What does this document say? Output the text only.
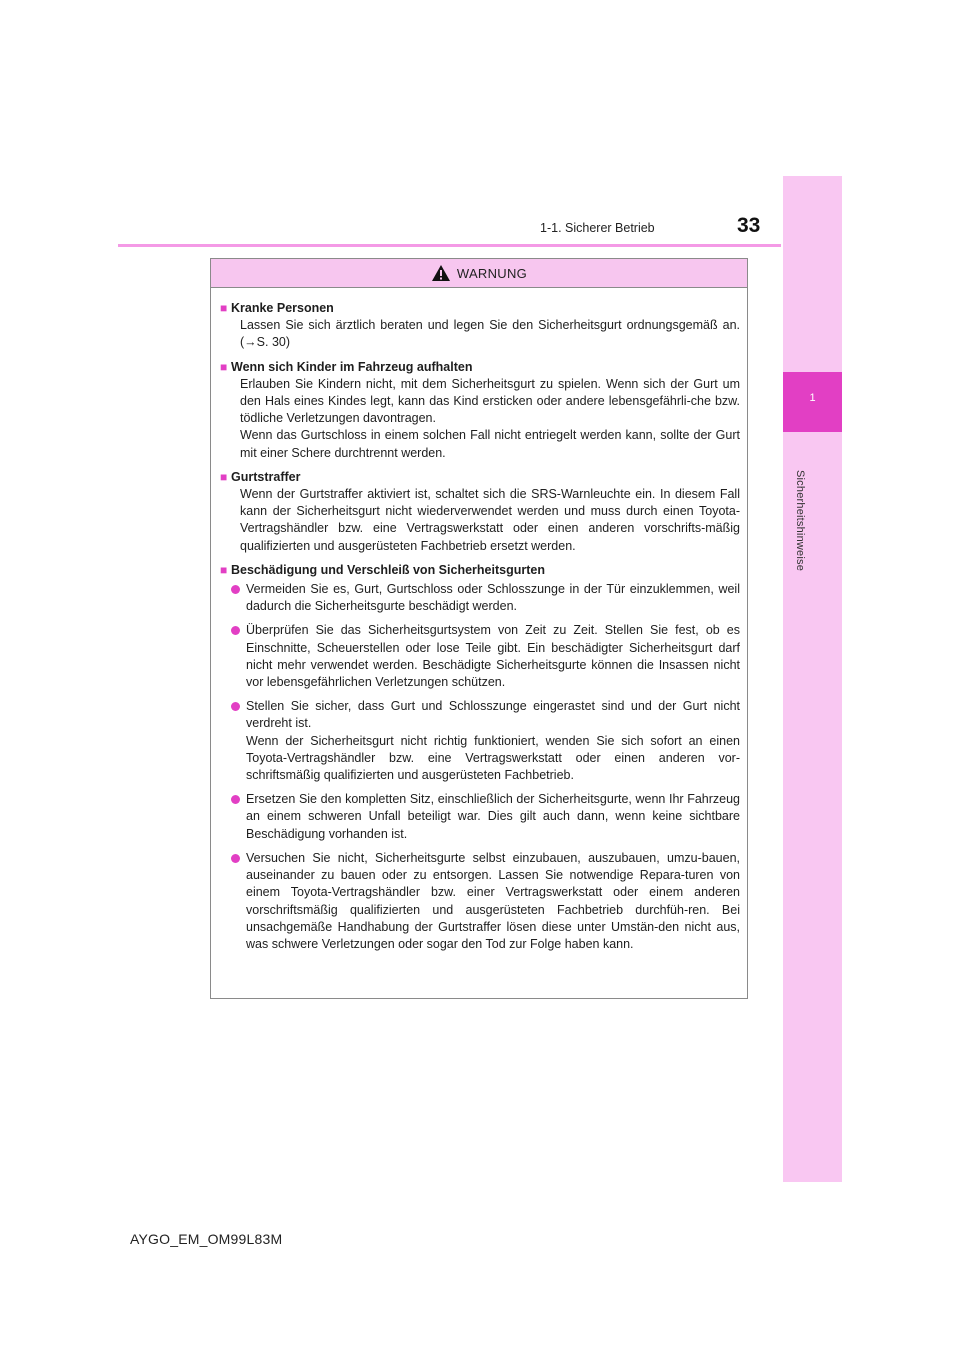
1
Sicherheitshinweise
1-1. Sicherer Betrieb	33
WARNUNG
■ Kranke Personen

Lassen Sie sich ärztlich beraten und legen Sie den Sicherheitsgurt ordnungsgemäß an. (→S. 30)

■ Wenn sich Kinder im Fahrzeug aufhalten

Erlauben Sie Kindern nicht, mit dem Sicherheitsgurt zu spielen. Wenn sich der Gurt um den Hals eines Kindes legt, kann das Kind ersticken oder andere lebensgefährli-che bzw. tödliche Verletzungen davontragen.

Wenn das Gurtschloss in einem solchen Fall nicht entriegelt werden kann, sollte der Gurt mit einer Schere durchtrennt werden.

■ Gurtstraffer

Wenn der Gurtstraffer aktiviert ist, schaltet sich die SRS-Warnleuchte ein. In diesem Fall kann der Sicherheitsgurt nicht wiederverwendet werden und muss durch einen Toyota-Vertragshändler bzw. eine Vertragswerkstatt oder einen anderen vorschrifts-mäßig qualifizierten und ausgerüsteten Fachbetrieb ersetzt werden.

■ Beschädigung und Verschleiß von Sicherheitsgurten

Vermeiden Sie es, Gurt, Gurtschloss oder Schlosszunge in der Tür einzuklemmen, weil dadurch die Sicherheitsgurte beschädigt werden.

Überprüfen Sie das Sicherheitsgurtsystem von Zeit zu Zeit. Stellen Sie fest, ob es Einschnitte, Scheuerstellen oder lose Teile gibt. Ein beschädigter Sicherheitsgurt darf nicht mehr verwendet werden. Beschädigte Sicherheitsgurte können die Insassen nicht vor lebensgefährlichen Verletzungen schützen.

Stellen Sie sicher, dass Gurt und Schlosszunge eingerastet sind und der Gurt nicht verdreht ist.

Wenn der Sicherheitsgurt nicht richtig funktioniert, wenden Sie sich sofort an einen Toyota-Vertragshändler bzw. eine Vertragswerkstatt oder einen anderen vor-schriftsmäßig qualifizierten und ausgerüsteten Fachbetrieb.

Ersetzen Sie den kompletten Sitz, einschließlich der Sicherheitsgurte, wenn Ihr Fahrzeug an einem schweren Unfall beteiligt war. Dies gilt auch dann, wenn keine sichtbare Beschädigung vorhanden ist.

Versuchen Sie nicht, Sicherheitsgurte selbst einzubauen, auszubauen, umzu-bauen, auseinander zu bauen oder zu entsorgen. Lassen Sie notwendige Repara-turen von einem Toyota-Vertragshändler bzw. einer Vertragswerkstatt oder einem anderen vorschriftsmäßig qualifizierten und ausgerüsteten Fachbetrieb durchfüh-ren. Bei unsachgemäße Handhabung der Gurtstraffer lösen diese unter Umstän-den nicht aus, was schwere Verletzungen oder sogar den Tod zur Folge haben kann.

AYGO_EM_OM99L83M
